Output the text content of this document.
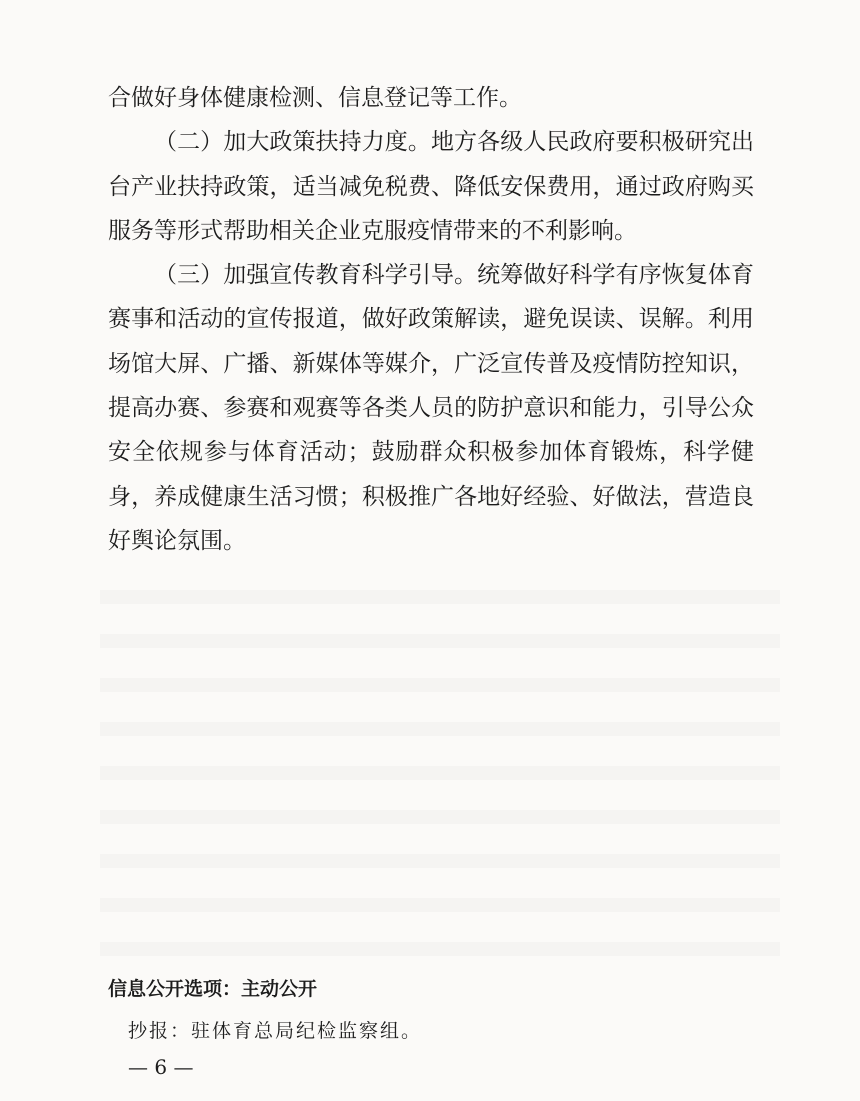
合做好身体健康检测、信息登记等工作。
（二）加大政策扶持力度。地方各级人民政府要积极研究出
台产业扶持政策，适当减免税费、降低安保费用，通过政府购买
服务等形式帮助相关企业克服疫情带来的不利影响。
（三）加强宣传教育科学引导。统筹做好科学有序恢复体育
赛事和活动的宣传报道，做好政策解读，避免误读、误解。利用
场馆大屏、广播、新媒体等媒介，广泛宣传普及疫情防控知识，
提高办赛、参赛和观赛等各类人员的防护意识和能力，引导公众
安全依规参与体育活动；鼓励群众积极参加体育锻炼，科学健
身，养成健康生活习惯；积极推广各地好经验、好做法，营造良
好舆论氛围。
信息公开选项：主动公开
抄报：驻体育总局纪检监察组。
— 6 —
